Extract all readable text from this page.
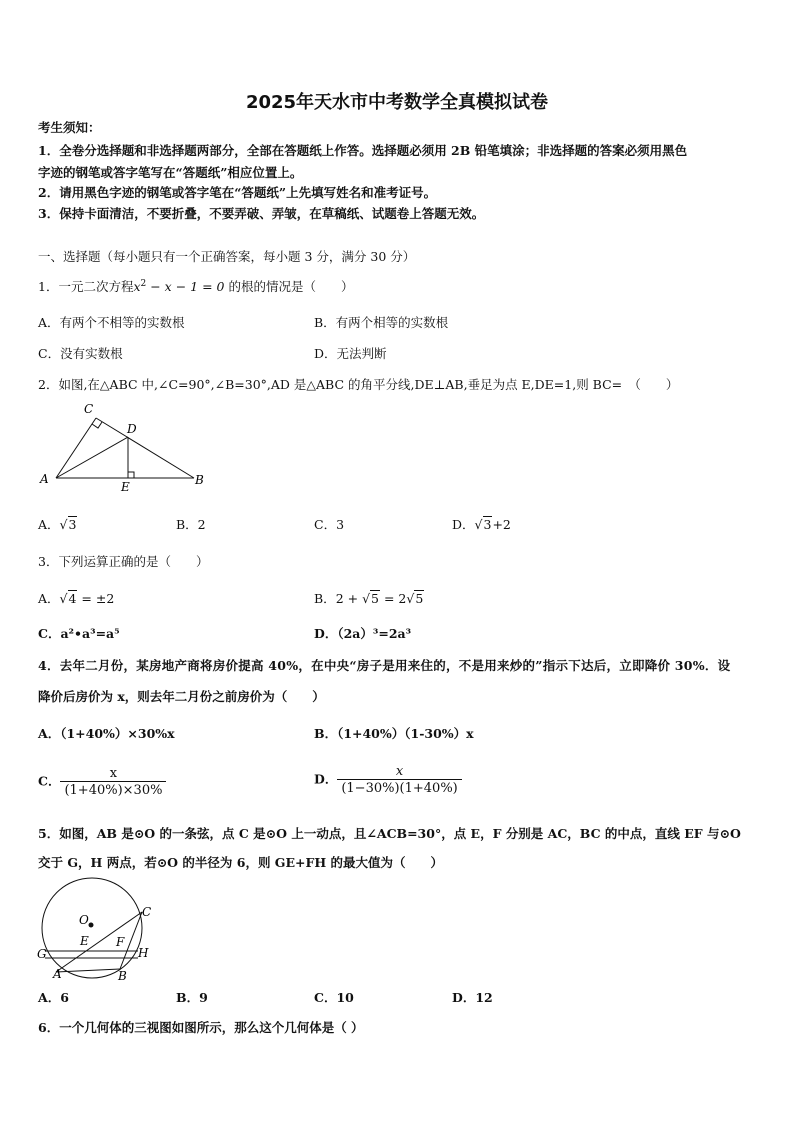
2025年天水市中考数学全真模拟试卷
考生须知：
1．全卷分选择题和非选择题两部分，全部在答题纸上作答。选择题必须用 2B 铅笔填涂；非选择题的答案必须用黑色
字迹的钢笔或答字笔写在“答题纸”相应位置上。
2．请用黑色字迹的钢笔或答字笔在“答题纸”上先填写姓名和准考证号。
3．保持卡面清洁，不要折叠，不要弄破、弄皱，在草稿纸、试题卷上答题无效。
一、选择题（每小题只有一个正确答案，每小题 3 分，满分 30 分）
1．一元二次方程$x^2 - x - 1 = 0$ 的根的情况是（　　）
A．有两个不相等的实数根	B．有两个相等的实数根
C．没有实数根	D．无法判断
2．如图,在△ABC 中,∠C=90°,∠B=30°,AD 是△ABC 的角平分线,DE⊥AB,垂足为点 E,DE=1,则 BC=　（　　）
C
D
A	B
E
A．√3	B．2	C．3	D．√3+2
3．下列运算正确的是（　　）
A．√4 = ±2	B．2 + √5 = 2√5
C．a²•a³=a⁵	D．（2a）³=2a³
4．去年二月份，某房地产商将房价提高 40%，在中央“房子是用来住的，不是用来炒的”指示下达后，立即降价 30%．设
降价后房价为 x，则去年二月份之前房价为（　　）
A．（1+40%）×30%x	B．（1+40%）（1-30%）x
C． $\frac{x}{(1+40\%)\times 30\%}$	D． $\frac{x}{(1-30\%)(1+40\%)}$
5．如图，AB 是⊙O 的一条弦，点 C 是⊙O 上一动点，且∠ACB=30°，点 E，F 分别是 AC，BC 的中点，直线 EF 与⊙O
交于 G，H 两点，若⊙O 的半径为 6，则 GE+FH 的最大值为（　　）
O
C
E F
G	H
A	B
A．6	B．9	C．10	D．12
6．一个几何体的三视图如图所示，那么这个几何体是（ ）
